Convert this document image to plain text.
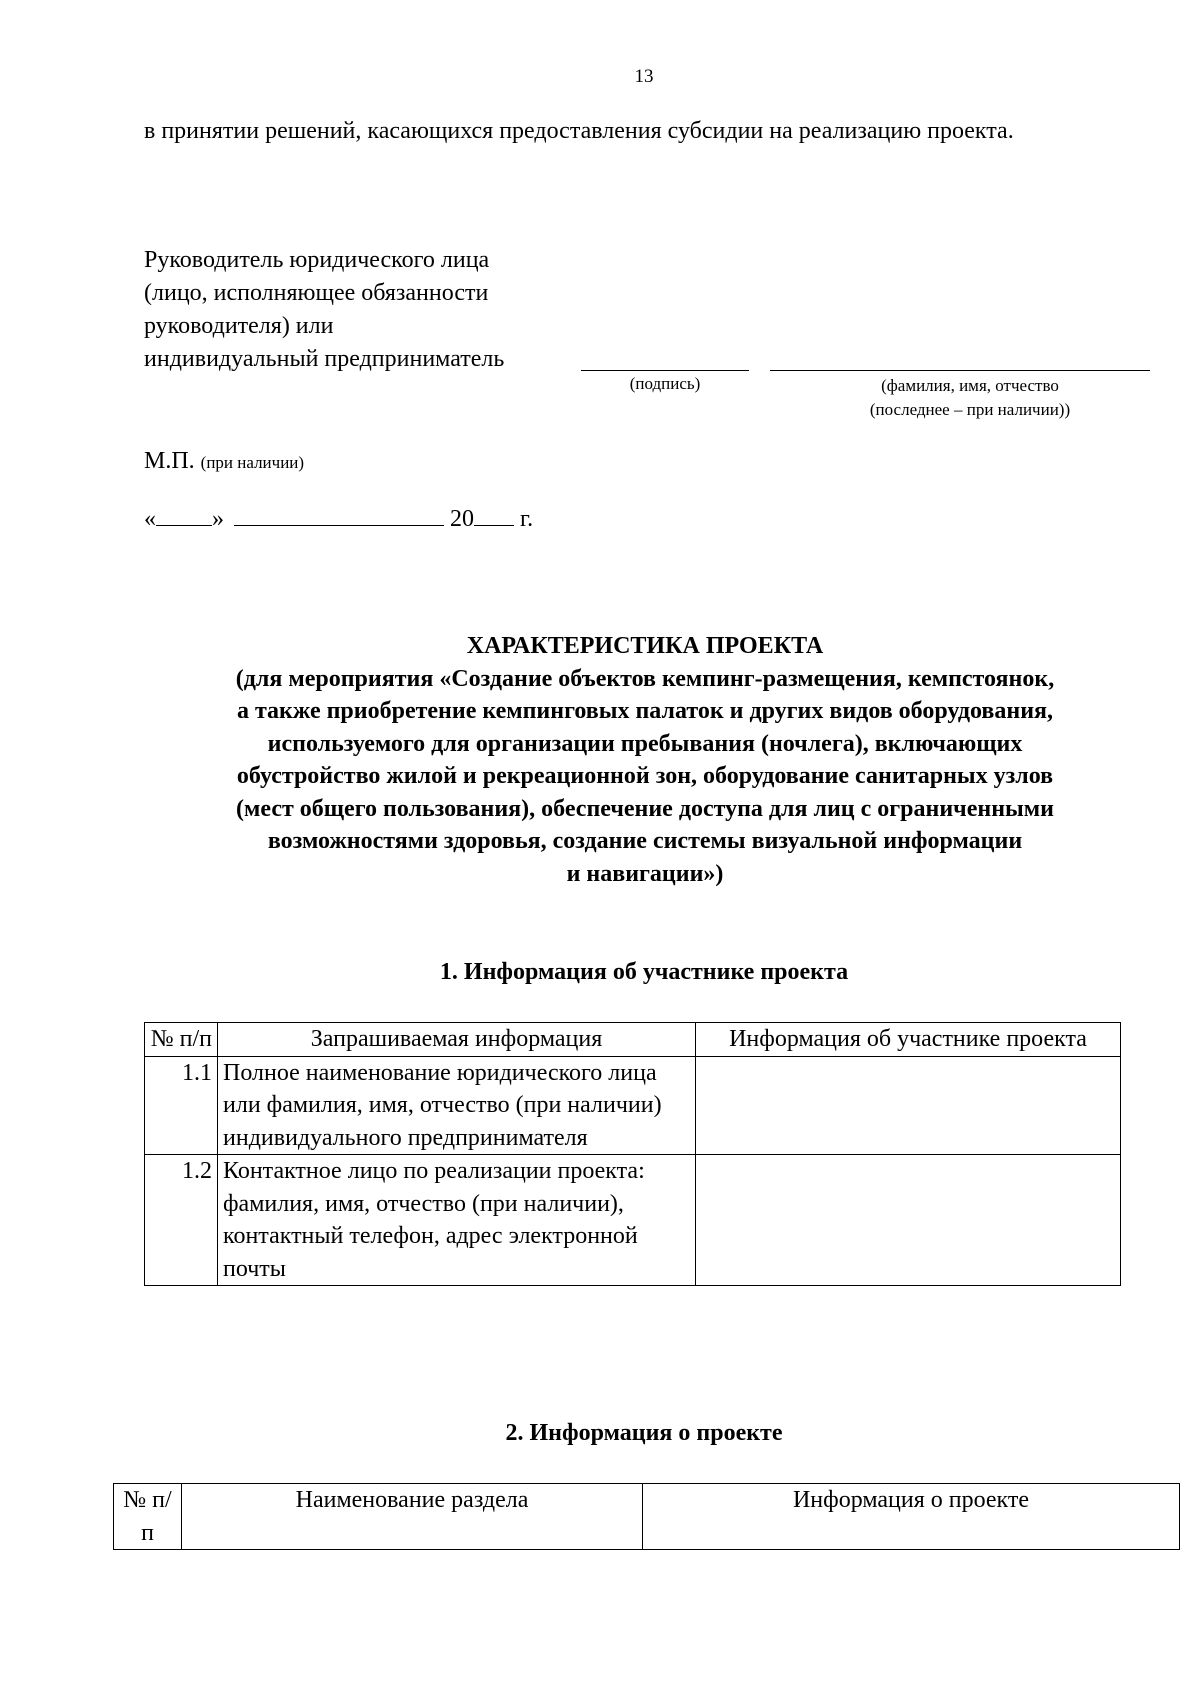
13
в принятии решений, касающихся предоставления субсидии на реализацию проекта.
Руководитель юридического лица
(лицо, исполняющее обязанности
руководителя) или
индивидуальный предприниматель
(подпись)	(фамилия, имя, отчество
(последнее – при наличии))
М.П. (при наличии)
« »	20 г.
ХАРАКТЕРИСТИКА ПРОЕКТА
(для мероприятия «Создание объектов кемпинг-размещения, кемпстоянок,
а также приобретение кемпинговых палаток и других видов оборудования,
используемого для организации пребывания (ночлега), включающих
обустройство жилой и рекреационной зон, оборудование санитарных узлов
(мест общего пользования), обеспечение доступа для лиц с ограниченными
возможностями здоровья, создание системы визуальной информации
и навигации»)
1. Информация об участнике проекта
№ п/п	Запрашиваемая информация	Информация об участнике проекта
1.1	Полное наименование юридического лица или фамилия, имя, отчество (при наличии) индивидуального предпринимателя	
1.2	Контактное лицо по реализации проекта: фамилия, имя, отчество (при наличии), контактный телефон, адрес электронной почты	
2. Информация о проекте
№ п/п	Наименование раздела	Информация о проекте
